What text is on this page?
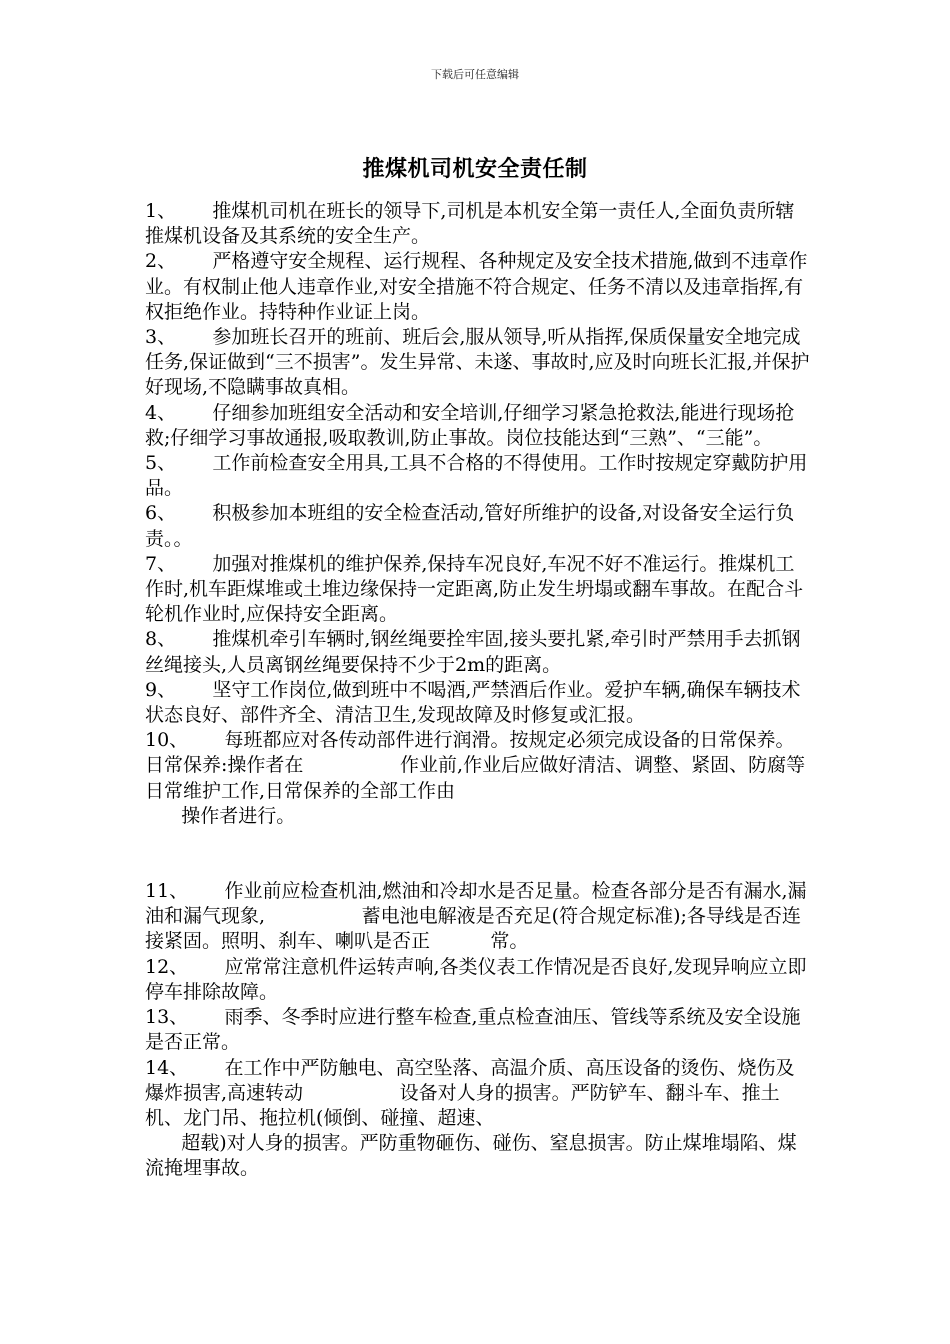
下载后可任意编辑
推煤机司机安全责任制

1、 推煤机司机在班长的领导下,司机是本机安全第一责任人,全面负责所辖推煤机设备及其系统的安全生产。

2、 严格遵守安全规程、运行规程、各种规定及安全技术措施,做到不违章作业。有权制止他人违章作业,对安全措施不符合规定、任务不清以及违章指挥,有权拒绝作业。持特种作业证上岗。

3、 参加班长召开的班前、班后会,服从领导,听从指挥,保质保量安全地完成任务,保证做到“三不损害”。发生异常、未遂、事故时,应及时向班长汇报,并保护好现场,不隐瞒事故真相。

4、 仔细参加班组安全活动和安全培训,仔细学习紧急抢救法,能进行现场抢救;仔细学习事故通报,吸取教训,防止事故。岗位技能达到“三熟”、“三能”。

5、 工作前检查安全用具,工具不合格的不得使用。工作时按规定穿戴防护用品。

6、 积极参加本班组的安全检查活动,管好所维护的设备,对设备安全运行负责。。

7、 加强对推煤机的维护保养,保持车况良好,车况不好不准运行。推煤机工作时,机车距煤堆或土堆边缘保持一定距离,防止发生坍塌或翻车事故。在配合斗轮机作业时,应保持安全距离。

8、 推煤机牵引车辆时,钢丝绳要拴牢固,接头要扎紧,牵引时严禁用手去抓钢丝绳接头,人员离钢丝绳要保持不少于2m的距离。

9、 坚守工作岗位,做到班中不喝酒,严禁酒后作业。爱护车辆,确保车辆技术状态良好、部件齐全、清洁卫生,发现故障及时修复或汇报。

10、 每班都应对各传动部件进行润滑。按规定必须完成设备的日常保养。日常保养:操作者在                作业前,作业后应做好清洁、调整、紧固、防腐等日常维护工作,日常保养的全部工作由
操作者进行。

11、 作业前应检查机油,燃油和冷却水是否足量。检查各部分是否有漏水,漏油和漏气现象,                蓄电池电解液是否充足(符合规定标准);各导线是否连接紧固。照明、刹车、喇叭是否正          常。

12、 应常常注意机件运转声响,各类仪表工作情况是否良好,发现异响应立即停车排除故障。

13、 雨季、冬季时应进行整车检查,重点检查油压、管线等系统及安全设施是否正常。

14、 在工作中严防触电、高空坠落、高温介质、高压设备的烫伤、烧伤及爆炸损害,高速转动                设备对人身的损害。严防铲车、翻斗车、推土机、龙门吊、拖拉机(倾倒、碰撞、超速、
超载)对人身的损害。严防重物砸伤、碰伤、窒息损害。防止煤堆塌陷、煤流掩埋事故。
